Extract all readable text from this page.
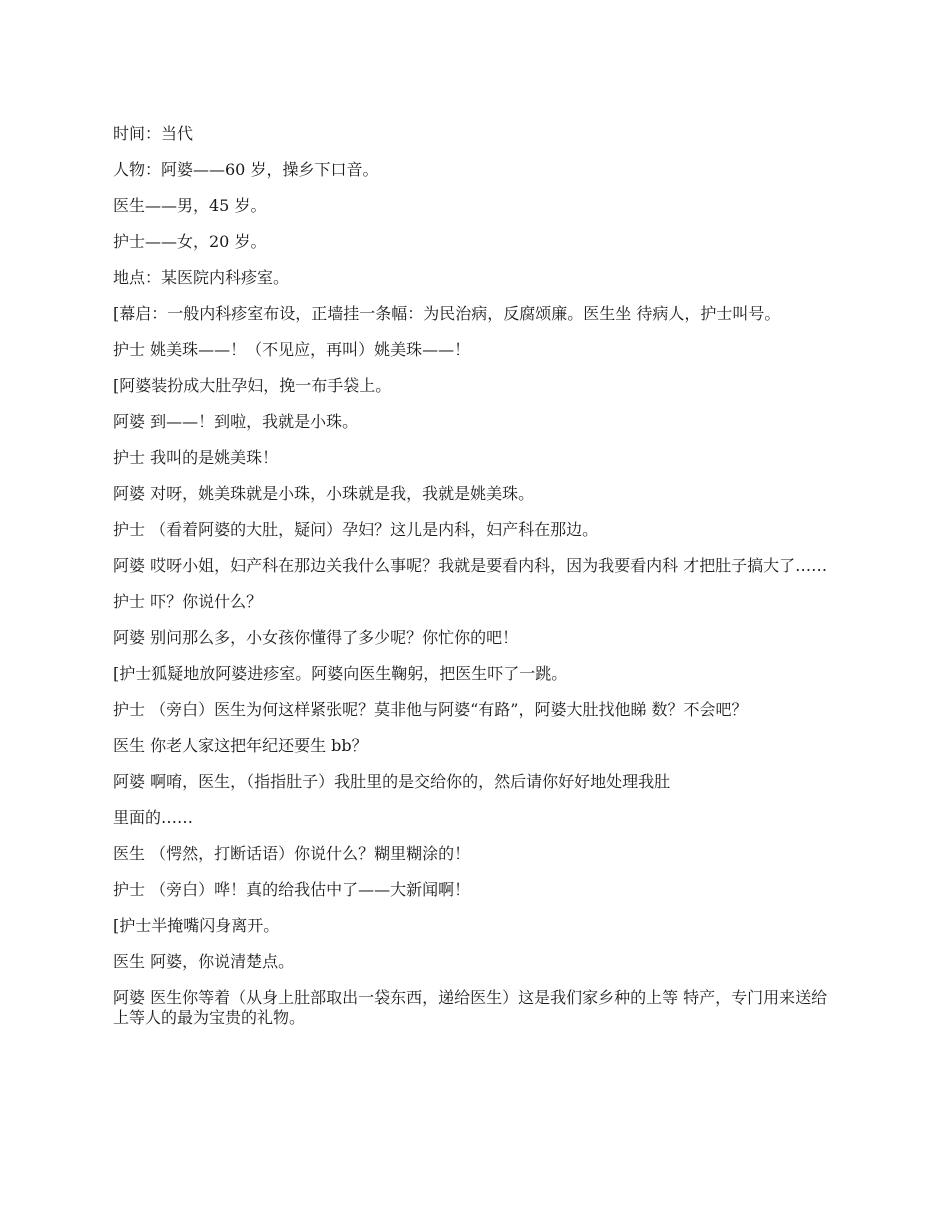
时间：当代

人物：阿婆——60 岁，操乡下口音。

医生——男，45 岁。

护士——女，20 岁。

地点：某医院内科疹室。

[幕启：一般内科疹室布设，正墙挂一条幅：为民治病，反腐颂廉。医生坐 待病人，护士叫号。

护士 姚美珠——！（不见应，再叫）姚美珠——！

[阿婆装扮成大肚孕妇，挽一布手袋上。

阿婆 到——！到啦，我就是小珠。

护士 我叫的是姚美珠！

阿婆 对呀，姚美珠就是小珠，小珠就是我，我就是姚美珠。

护士 （看着阿婆的大肚，疑问）孕妇？这儿是内科，妇产科在那边。

阿婆 哎呀小姐，妇产科在那边关我什么事呢？我就是要看内科，因为我要看内科 才把肚子搞大了……

护士 吓？你说什么？

阿婆 别问那么多，小女孩你懂得了多少呢？你忙你的吧！

[护士狐疑地放阿婆进疹室。阿婆向医生鞠躬，把医生吓了一跳。

护士 （旁白）医生为何这样紧张呢？莫非他与阿婆“有路”，阿婆大肚找他睇 数？不会吧？

医生 你老人家这把年纪还要生 bb？

阿婆 啊唷，医生，（指指肚子）我肚里的是交给你的，然后请你好好地处理我肚

里面的……

医生 （愕然，打断话语）你说什么？糊里糊涂的！

护士 （旁白）哗！真的给我估中了——大新闻啊！

[护士半掩嘴闪身离开。

医生 阿婆，你说清楚点。

阿婆 医生你等着（从身上肚部取出一袋东西，递给医生）这是我们家乡种的上等 特产，专门用来送给上等人的最为宝贵的礼物。
